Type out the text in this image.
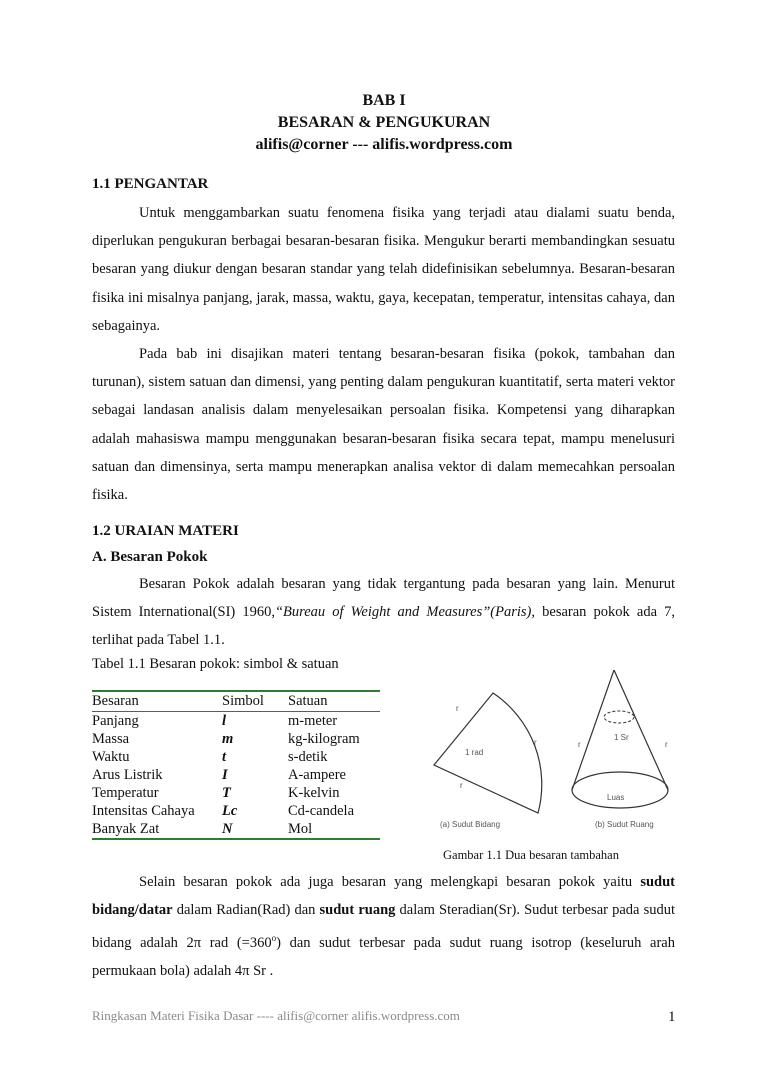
BAB I
BESARAN & PENGUKURAN
alifis@corner --- alifis.wordpress.com
1.1 PENGANTAR

Untuk menggambarkan suatu fenomena fisika yang terjadi atau dialami suatu benda, diperlukan pengukuran berbagai besaran-besaran fisika. Mengukur berarti membandingkan sesuatu besaran yang diukur dengan besaran standar yang telah didefinisikan sebelumnya. Besaran-besaran fisika ini misalnya panjang, jarak, massa, waktu, gaya, kecepatan, temperatur, intensitas cahaya, dan sebagainya.

Pada bab ini disajikan materi tentang besaran-besaran fisika (pokok, tambahan dan turunan), sistem satuan dan dimensi, yang penting dalam pengukuran kuantitatif, serta materi vektor sebagai landasan analisis dalam menyelesaikan persoalan fisika. Kompetensi yang diharapkan adalah mahasiswa mampu menggunakan besaran-besaran fisika secara tepat, mampu menelusuri satuan dan dimensinya, serta mampu menerapkan analisa vektor di dalam memecahkan persoalan fisika.

1.2 URAIAN MATERI
A. Besaran Pokok

Besaran Pokok adalah besaran yang tidak tergantung pada besaran yang lain. Menurut Sistem International(SI) 1960,“Bureau of Weight and Measures”(Paris), besaran pokok ada 7, terlihat pada Tabel 1.1.

Tabel 1.1 Besaran pokok: simbol & satuan
Besaran	Simbol	Satuan
Panjang	l	m-meter
Massa	m	kg-kilogram
Waktu	t	s-detik
Arus Listrik	I	A-ampere
Temperatur	T	K-kelvin
Intensitas Cahaya	Lc	Cd-candela
Banyak Zat	N	Mol
r
r
r
1 rad
(a) Sudut Bidang
1 Sr
r	r
Luas
(b) Sudut Ruang
Gambar 1.1 Dua besaran tambahan

Selain besaran pokok ada juga besaran yang melengkapi besaran pokok yaitu sudut bidang/datar dalam Radian(Rad) dan sudut ruang dalam Steradian(Sr). Sudut terbesar pada sudut bidang adalah 2π rad $(=360^o)$ dan sudut terbesar pada sudut ruang isotrop (keseluruh arah permukaan bola) adalah 4π Sr .

Ringkasan Materi Fisika Dasar ---- alifis@corner alifis.wordpress.com	1
